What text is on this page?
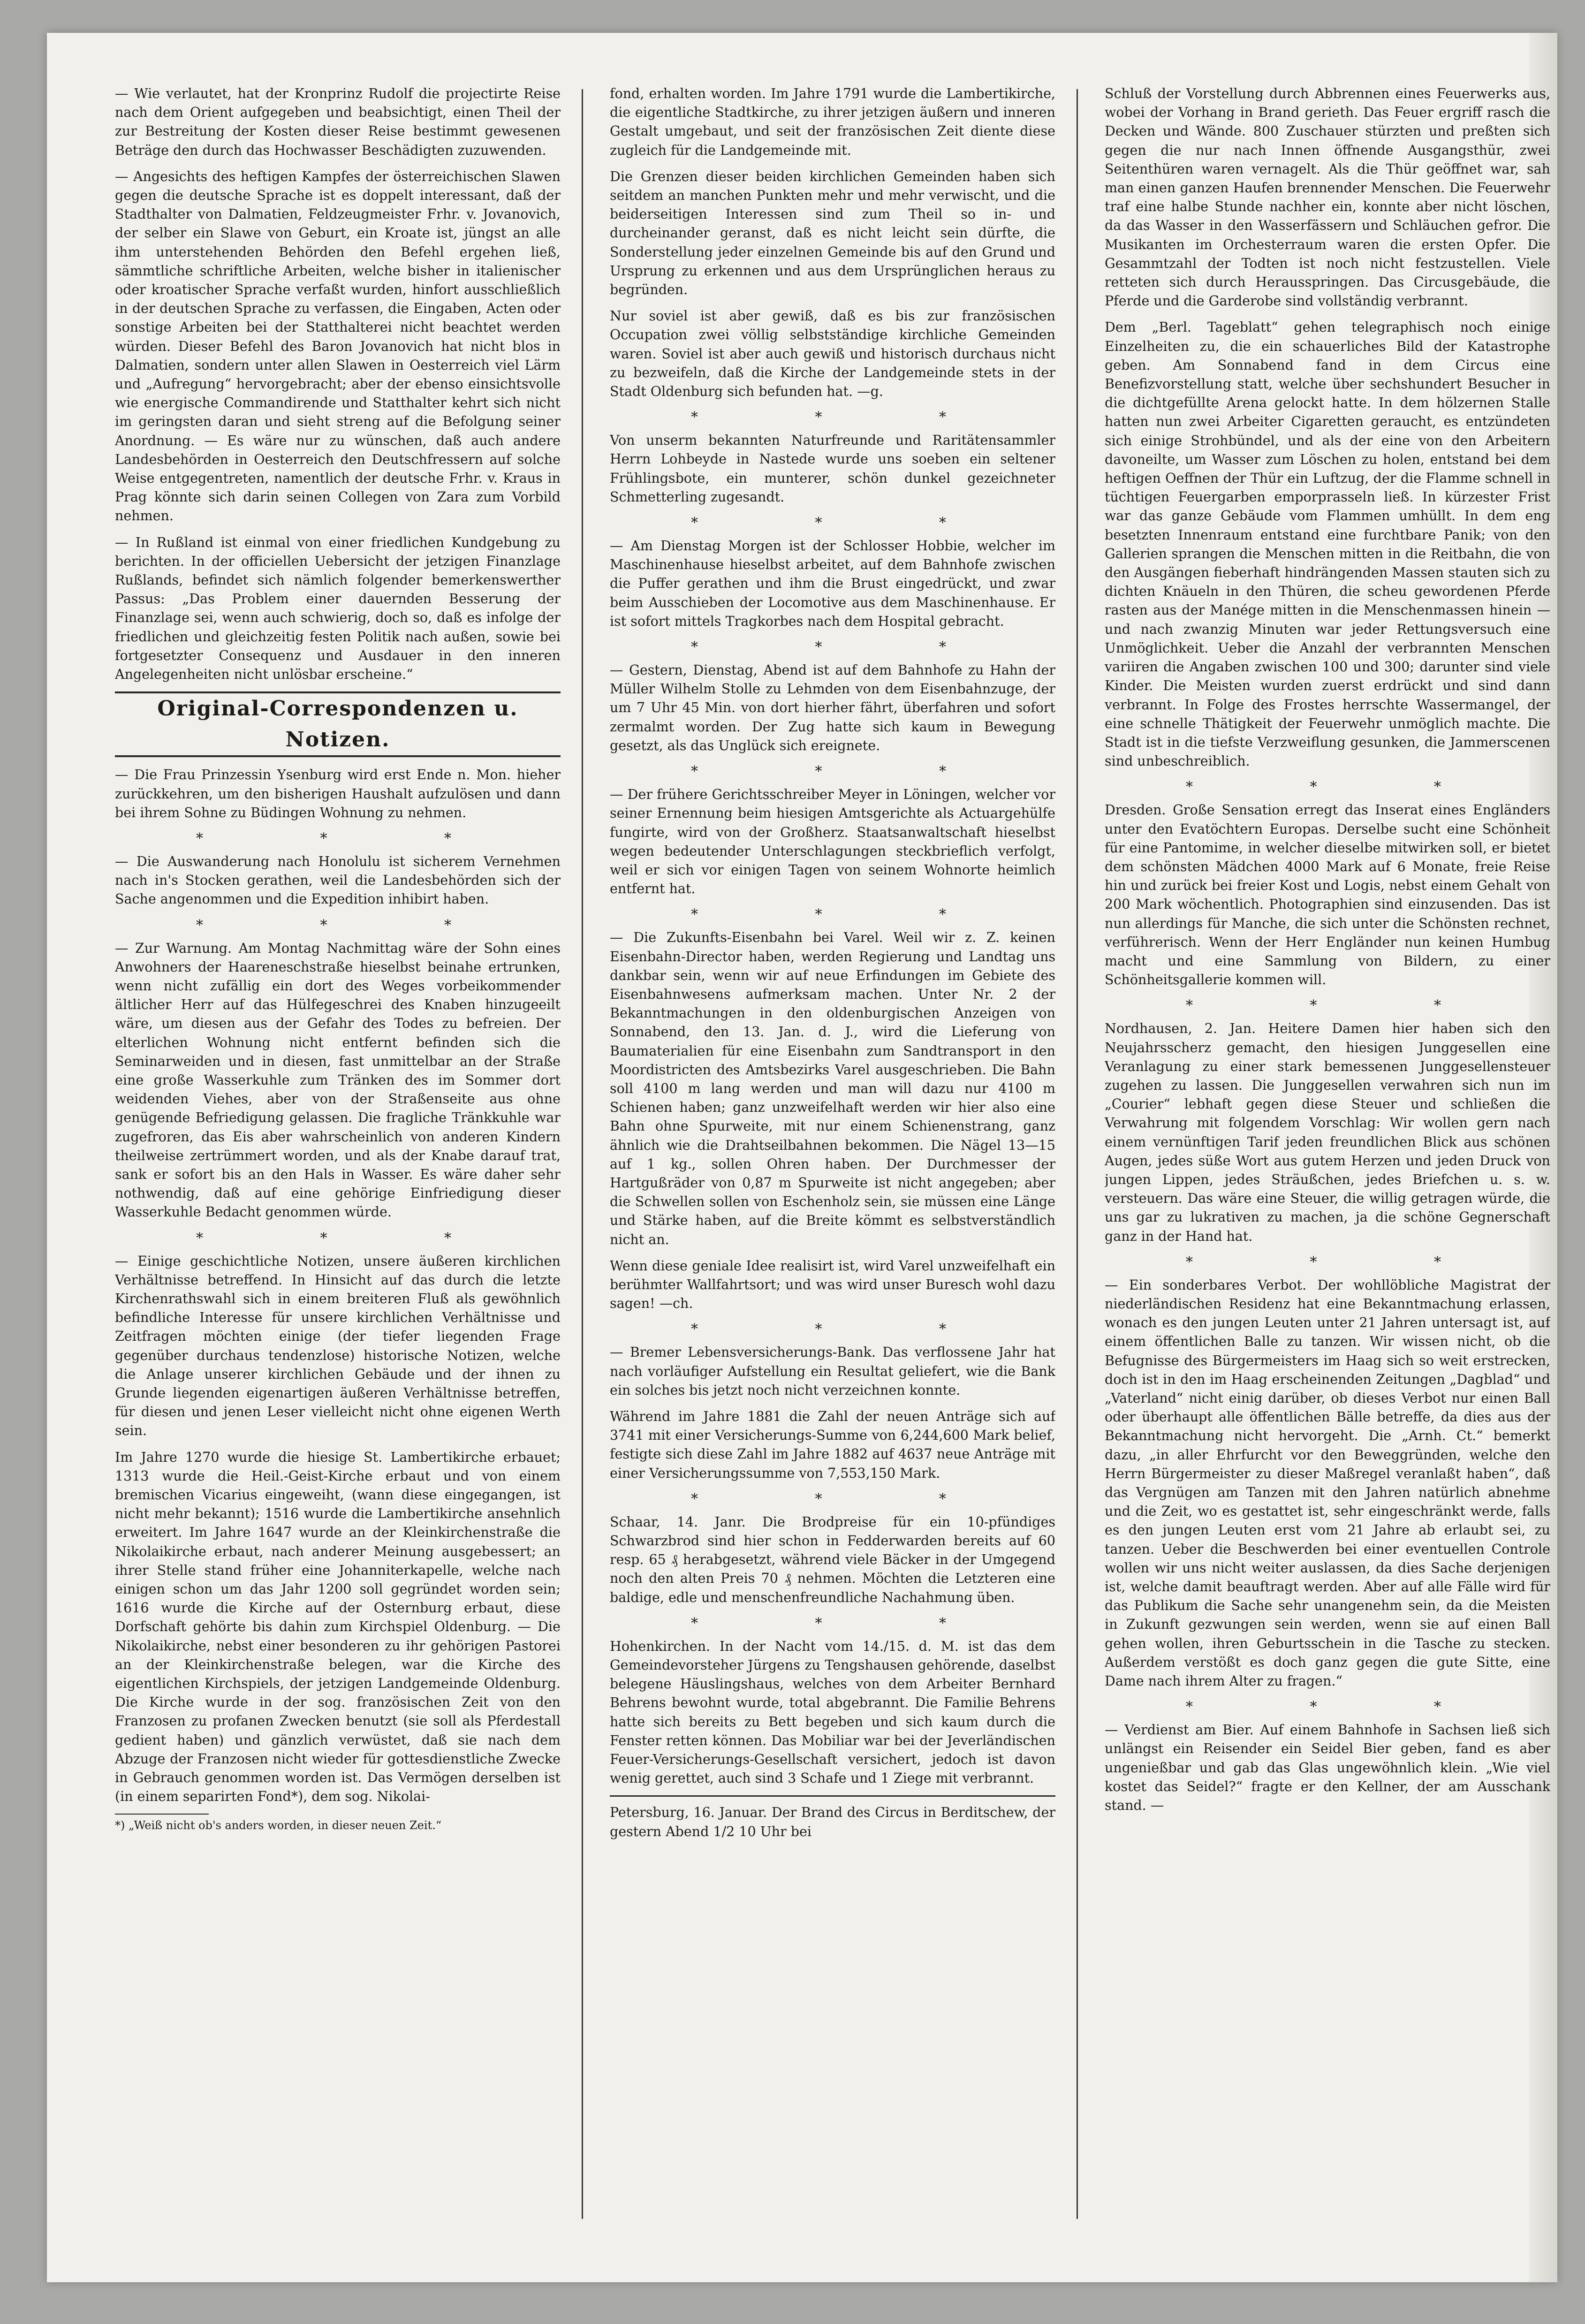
— Wie verlautet, hat der Kronprinz Rudolf die projectirte Reise nach dem Orient aufgegeben und beabsichtigt, einen Theil der zur Bestreitung der Kosten dieser Reise bestimmt gewesenen Beträge den durch das Hochwasser Beschädigten zuzuwenden.

— Angesichts des heftigen Kampfes der österreichischen Slawen gegen die deutsche Sprache ist es doppelt interessant, daß der Stadthalter von Dalmatien, Feldzeugmeister Frhr. v. Jovanovich, der selber ein Slawe von Geburt, ein Kroate ist, jüngst an alle ihm unterstehenden Behörden den Befehl ergehen ließ, sämmtliche schriftliche Arbeiten, welche bisher in italienischer oder kroatischer Sprache verfaßt wurden, hinfort ausschließlich in der deutschen Sprache zu verfassen, die Eingaben, Acten oder sonstige Arbeiten bei der Statthalterei nicht beachtet werden würden. Dieser Befehl des Baron Jovanovich hat nicht blos in Dalmatien, sondern unter allen Slawen in Oesterreich viel Lärm und „Aufregung“ hervorgebracht; aber der ebenso einsichtsvolle wie energische Commandirende und Statthalter kehrt sich nicht im geringsten daran und sieht streng auf die Befolgung seiner Anordnung. — Es wäre nur zu wünschen, daß auch andere Landesbehörden in Oesterreich den Deutschfressern auf solche Weise entgegentreten, namentlich der deutsche Frhr. v. Kraus in Prag könnte sich darin seinen Collegen von Zara zum Vorbild nehmen.

— In Rußland ist einmal von einer friedlichen Kundgebung zu berichten. In der officiellen Uebersicht der jetzigen Finanzlage Rußlands, befindet sich nämlich folgender bemerkenswerther Passus: „Das Problem einer dauernden Besserung der Finanzlage sei, wenn auch schwierig, doch so, daß es infolge der friedlichen und gleichzeitig festen Politik nach außen, sowie bei fortgesetzter Consequenz und Ausdauer in den inneren Angelegenheiten nicht unlösbar erscheine.“

Original-Correspondenzen u. Notizen.

— Die Frau Prinzessin Ysenburg wird erst Ende n. Mon. hieher zurückkehren, um den bisherigen Haushalt aufzulösen und dann bei ihrem Sohne zu Büdingen Wohnung zu nehmen.

* * *

— Die Auswanderung nach Honolulu ist sicherem Vernehmen nach in's Stocken gerathen, weil die Landesbehörden sich der Sache angenommen und die Expedition inhibirt haben.

* * *

— Zur Warnung. Am Montag Nachmittag wäre der Sohn eines Anwohners der Haareneschstraße hieselbst beinahe ertrunken, wenn nicht zufällig ein dort des Weges vorbeikommender ältlicher Herr auf das Hülfegeschrei des Knaben hinzugeeilt wäre, um diesen aus der Gefahr des Todes zu befreien. Der elterlichen Wohnung nicht entfernt befinden sich die Seminarweiden und in diesen, fast unmittelbar an der Straße eine große Wasserkuhle zum Tränken des im Sommer dort weidenden Viehes, aber von der Straßenseite aus ohne genügende Befriedigung gelassen. Die fragliche Tränkkuhle war zugefroren, das Eis aber wahrscheinlich von anderen Kindern theilweise zertrümmert worden, und als der Knabe darauf trat, sank er sofort bis an den Hals in Wasser. Es wäre daher sehr nothwendig, daß auf eine gehörige Einfriedigung dieser Wasserkuhle Bedacht genommen würde.

* * *

— Einige geschichtliche Notizen, unsere äußeren kirchlichen Verhältnisse betreffend. In Hinsicht auf das durch die letzte Kirchenrathswahl sich in einem breiteren Fluß als gewöhnlich befindliche Interesse für unsere kirchlichen Verhältnisse und Zeitfragen möchten einige (der tiefer liegenden Frage gegenüber durchaus tendenzlose) historische Notizen, welche die Anlage unserer kirchlichen Gebäude und der ihnen zu Grunde liegenden eigenartigen äußeren Verhältnisse betreffen, für diesen und jenen Leser vielleicht nicht ohne eigenen Werth sein.

Im Jahre 1270 wurde die hiesige St. Lambertikirche erbauet; 1313 wurde die Heil.-Geist-Kirche erbaut und von einem bremischen Vicarius eingeweiht, (wann diese eingegangen, ist nicht mehr bekannt); 1516 wurde die Lambertikirche ansehnlich erweitert. Im Jahre 1647 wurde an der Kleinkirchenstraße die Nikolaikirche erbaut, nach anderer Meinung ausgebessert; an ihrer Stelle stand früher eine Johanniterkapelle, welche nach einigen schon um das Jahr 1200 soll gegründet worden sein; 1616 wurde die Kirche auf der Osternburg erbaut, diese Dorfschaft gehörte bis dahin zum Kirchspiel Oldenburg. — Die Nikolaikirche, nebst einer besonderen zu ihr gehörigen Pastorei an der Kleinkirchenstraße belegen, war die Kirche des eigentlichen Kirchspiels, der jetzigen Landgemeinde Oldenburg. Die Kirche wurde in der sog. französischen Zeit von den Franzosen zu profanen Zwecken benutzt (sie soll als Pferdestall gedient haben) und gänzlich verwüstet, daß sie nach dem Abzuge der Franzosen nicht wieder für gottesdienstliche Zwecke in Gebrauch genommen worden ist. Das Vermögen derselben ist (in einem separirten Fond*), dem sog. Nikolai-

*) „Weiß nicht ob's anders worden, in dieser neuen Zeit.“

fond, erhalten worden. Im Jahre 1791 wurde die Lambertikirche, die eigentliche Stadtkirche, zu ihrer jetzigen äußern und inneren Gestalt umgebaut, und seit der französischen Zeit diente diese zugleich für die Landgemeinde mit.

Die Grenzen dieser beiden kirchlichen Gemeinden haben sich seitdem an manchen Punkten mehr und mehr verwischt, und die beiderseitigen Interessen sind zum Theil so in- und durcheinander geranst, daß es nicht leicht sein dürfte, die Sonderstellung jeder einzelnen Gemeinde bis auf den Grund und Ursprung zu erkennen und aus dem Ursprünglichen heraus zu begründen.

Nur soviel ist aber gewiß, daß es bis zur französischen Occupation zwei völlig selbstständige kirchliche Gemeinden waren. Soviel ist aber auch gewiß und historisch durchaus nicht zu bezweifeln, daß die Kirche der Landgemeinde stets in der Stadt Oldenburg sich befunden hat. —g.

* * *

Von unserm bekannten Naturfreunde und Raritätensammler Herrn Lohbeyde in Nastede wurde uns soeben ein seltener Frühlingsbote, ein munterer, schön dunkel gezeichneter Schmetterling zugesandt.

* * *

— Am Dienstag Morgen ist der Schlosser Hobbie, welcher im Maschinenhause hieselbst arbeitet, auf dem Bahnhofe zwischen die Puffer gerathen und ihm die Brust eingedrückt, und zwar beim Ausschieben der Locomotive aus dem Maschinenhause. Er ist sofort mittels Tragkorbes nach dem Hospital gebracht.

* * *

— Gestern, Dienstag, Abend ist auf dem Bahnhofe zu Hahn der Müller Wilhelm Stolle zu Lehmden von dem Eisenbahnzuge, der um 7 Uhr 45 Min. von dort hierher fährt, überfahren und sofort zermalmt worden. Der Zug hatte sich kaum in Bewegung gesetzt, als das Unglück sich ereignete.

* * *

— Der frühere Gerichtsschreiber Meyer in Löningen, welcher vor seiner Ernennung beim hiesigen Amtsgerichte als Actuargehülfe fungirte, wird von der Großherz. Staatsanwaltschaft hieselbst wegen bedeutender Unterschlagungen steckbrieflich verfolgt, weil er sich vor einigen Tagen von seinem Wohnorte heimlich entfernt hat.

* * *

— Die Zukunfts-Eisenbahn bei Varel. Weil wir z. Z. keinen Eisenbahn-Director haben, werden Regierung und Landtag uns dankbar sein, wenn wir auf neue Erfindungen im Gebiete des Eisenbahnwesens aufmerksam machen. Unter Nr. 2 der Bekanntmachungen in den oldenburgischen Anzeigen von Sonnabend, den 13. Jan. d. J., wird die Lieferung von Baumaterialien für eine Eisenbahn zum Sandtransport in den Moordistricten des Amtsbezirks Varel ausgeschrieben. Die Bahn soll 4100 m lang werden und man will dazu nur 4100 m Schienen haben; ganz unzweifelhaft werden wir hier also eine Bahn ohne Spurweite, mit nur einem Schienenstrang, ganz ähnlich wie die Drahtseilbahnen bekommen. Die Nägel 13—15 auf 1 kg., sollen Ohren haben. Der Durchmesser der Hartgußräder von 0,87 m Spurweite ist nicht angegeben; aber die Schwellen sollen von Eschenholz sein, sie müssen eine Länge und Stärke haben, auf die Breite kömmt es selbstverständlich nicht an.

Wenn diese geniale Idee realisirt ist, wird Varel unzweifelhaft ein berühmter Wallfahrtsort; und was wird unser Buresch wohl dazu sagen! —ch.

* * *

— Bremer Lebensversicherungs-Bank. Das verflossene Jahr hat nach vorläufiger Aufstellung ein Resultat geliefert, wie die Bank ein solches bis jetzt noch nicht verzeichnen konnte.

Während im Jahre 1881 die Zahl der neuen Anträge sich auf 3741 mit einer Versicherungs-Summe von 6,244,600 Mark belief, festigte sich diese Zahl im Jahre 1882 auf 4637 neue Anträge mit einer Versicherungssumme von 7,553,150 Mark.

* * *

Schaar, 14. Janr. Die Brodpreise für ein 10-pfündiges Schwarzbrod sind hier schon in Fedderwarden bereits auf 60 resp. 65 ₰ herabgesetzt, während viele Bäcker in der Umgegend noch den alten Preis 70 ₰ nehmen. Möchten die Letzteren eine baldige, edle und menschenfreundliche Nachahmung üben.

* * *

Hohenkirchen. In der Nacht vom 14./15. d. M. ist das dem Gemeindevorsteher Jürgens zu Tengshausen gehörende, daselbst belegene Häuslingshaus, welches von dem Arbeiter Bernhard Behrens bewohnt wurde, total abgebrannt. Die Familie Behrens hatte sich bereits zu Bett begeben und sich kaum durch die Fenster retten können. Das Mobiliar war bei der Jeverländischen Feuer-Versicherungs-Gesellschaft versichert, jedoch ist davon wenig gerettet, auch sind 3 Schafe und 1 Ziege mit verbrannt.

Petersburg, 16. Januar. Der Brand des Circus in Berditschew, der gestern Abend 1/2 10 Uhr bei

Schluß der Vorstellung durch Abbrennen eines Feuerwerks aus, wobei der Vorhang in Brand gerieth. Das Feuer ergriff rasch die Decken und Wände. 800 Zuschauer stürzten und preßten sich gegen die nur nach Innen öffnende Ausgangsthür, zwei Seitenthüren waren vernagelt. Als die Thür geöffnet war, sah man einen ganzen Haufen brennender Menschen. Die Feuerwehr traf eine halbe Stunde nachher ein, konnte aber nicht löschen, da das Wasser in den Wasserfässern und Schläuchen gefror. Die Musikanten im Orchesterraum waren die ersten Opfer. Die Gesammtzahl der Todten ist noch nicht festzustellen. Viele retteten sich durch Herausspringen. Das Circusgebäude, die Pferde und die Garderobe sind vollständig verbrannt.

Dem „Berl. Tageblatt“ gehen telegraphisch noch einige Einzelheiten zu, die ein schauerliches Bild der Katastrophe geben. Am Sonnabend fand in dem Circus eine Benefizvorstellung statt, welche über sechshundert Besucher in die dichtgefüllte Arena gelockt hatte. In dem hölzernen Stalle hatten nun zwei Arbeiter Cigaretten geraucht, es entzündeten sich einige Strohbündel, und als der eine von den Arbeitern davoneilte, um Wasser zum Löschen zu holen, entstand bei dem heftigen Oeffnen der Thür ein Luftzug, der die Flamme schnell in tüchtigen Feuergarben emporprasseln ließ. In kürzester Frist war das ganze Gebäude vom Flammen umhüllt. In dem eng besetzten Innenraum entstand eine furchtbare Panik; von den Gallerien sprangen die Menschen mitten in die Reitbahn, die von den Ausgängen fieberhaft hindrängenden Massen stauten sich zu dichten Knäueln in den Thüren, die scheu gewordenen Pferde rasten aus der Manége mitten in die Menschenmassen hinein — und nach zwanzig Minuten war jeder Rettungsversuch eine Unmöglichkeit. Ueber die Anzahl der verbrannten Menschen variiren die Angaben zwischen 100 und 300; darunter sind viele Kinder. Die Meisten wurden zuerst erdrückt und sind dann verbrannt. In Folge des Frostes herrschte Wassermangel, der eine schnelle Thätigkeit der Feuerwehr unmöglich machte. Die Stadt ist in die tiefste Verzweiflung gesunken, die Jammerscenen sind unbeschreiblich.

* * *

Dresden. Große Sensation erregt das Inserat eines Engländers unter den Evatöchtern Europas. Derselbe sucht eine Schönheit für eine Pantomime, in welcher dieselbe mitwirken soll, er bietet dem schönsten Mädchen 4000 Mark auf 6 Monate, freie Reise hin und zurück bei freier Kost und Logis, nebst einem Gehalt von 200 Mark wöchentlich. Photographien sind einzusenden. Das ist nun allerdings für Manche, die sich unter die Schönsten rechnet, verführerisch. Wenn der Herr Engländer nun keinen Humbug macht und eine Sammlung von Bildern, zu einer Schönheitsgallerie kommen will.

* * *

Nordhausen, 2. Jan. Heitere Damen hier haben sich den Neujahrsscherz gemacht, den hiesigen Junggesellen eine Veranlagung zu einer stark bemessenen Junggesellensteuer zugehen zu lassen. Die Junggesellen verwahren sich nun im „Courier“ lebhaft gegen diese Steuer und schließen die Verwahrung mit folgendem Vorschlag: Wir wollen gern nach einem vernünftigen Tarif jeden freundlichen Blick aus schönen Augen, jedes süße Wort aus gutem Herzen und jeden Druck von jungen Lippen, jedes Sträußchen, jedes Briefchen u. s. w. versteuern. Das wäre eine Steuer, die willig getragen würde, die uns gar zu lukrativen zu machen, ja die schöne Gegnerschaft ganz in der Hand hat.

* * *

— Ein sonderbares Verbot. Der wohllöbliche Magistrat der niederländischen Residenz hat eine Bekanntmachung erlassen, wonach es den jungen Leuten unter 21 Jahren untersagt ist, auf einem öffentlichen Balle zu tanzen. Wir wissen nicht, ob die Befugnisse des Bürgermeisters im Haag sich so weit erstrecken, doch ist in den im Haag erscheinenden Zeitungen „Dagblad“ und „Vaterland“ nicht einig darüber, ob dieses Verbot nur einen Ball oder überhaupt alle öffentlichen Bälle betreffe, da dies aus der Bekanntmachung nicht hervorgeht. Die „Arnh. Ct.“ bemerkt dazu, „in aller Ehrfurcht vor den Beweggründen, welche den Herrn Bürgermeister zu dieser Maßregel veranlaßt haben“, daß das Vergnügen am Tanzen mit den Jahren natürlich abnehme und die Zeit, wo es gestattet ist, sehr eingeschränkt werde, falls es den jungen Leuten erst vom 21 Jahre ab erlaubt sei, zu tanzen. Ueber die Beschwerden bei einer eventuellen Controle wollen wir uns nicht weiter auslassen, da dies Sache derjenigen ist, welche damit beauftragt werden. Aber auf alle Fälle wird für das Publikum die Sache sehr unangenehm sein, da die Meisten in Zukunft gezwungen sein werden, wenn sie auf einen Ball gehen wollen, ihren Geburtsschein in die Tasche zu stecken. Außerdem verstößt es doch ganz gegen die gute Sitte, eine Dame nach ihrem Alter zu fragen.“

* * *

— Verdienst am Bier. Auf einem Bahnhofe in Sachsen ließ sich unlängst ein Reisender ein Seidel Bier geben, fand es aber ungenießbar und gab das Glas ungewöhnlich klein. „Wie viel kostet das Seidel?“ fragte er den Kellner, der am Ausschank stand. —
